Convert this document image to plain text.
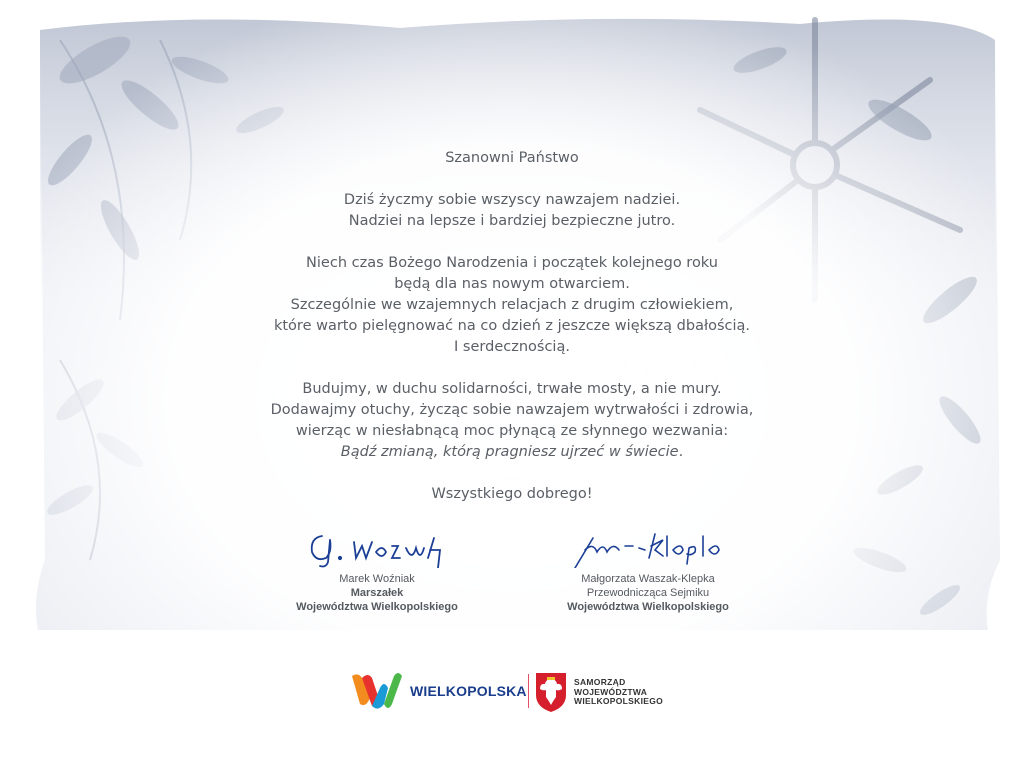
Szanowni Państwo

Dziś życzmy sobie wszyscy nawzajem nadziei.
Nadziei na lepsze i bardziej bezpieczne jutro.

Niech czas Bożego Narodzenia i początek kolejnego roku
będą dla nas nowym otwarciem.
Szczególnie we wzajemnych relacjach z drugim człowiekiem,
które warto pielęgnować na co dzień z jeszcze większą dbałością.
I serdecznością.

Budujmy, w duchu solidarności, trwałe mosty, a nie mury.
Dodawajmy otuchy, życząc sobie nawzajem wytrwałości i zdrowia,
wierząc w niesłabnącą moc płynącą ze słynnego wezwania:
Bądź zmianą, którą pragniesz ujrzeć w świecie.

Wszystkiego dobrego!

Marek Woźniak
Marszałek
Województwa Wielkopolskiego
Małgorzata Waszak-Klepka
Przewodnicząca Sejmiku
Województwa Wielkopolskiego
WIELKOPOLSKA
SAMORZĄD
WOJEWÓDZTWA
WIELKOPOLSKIEGO
